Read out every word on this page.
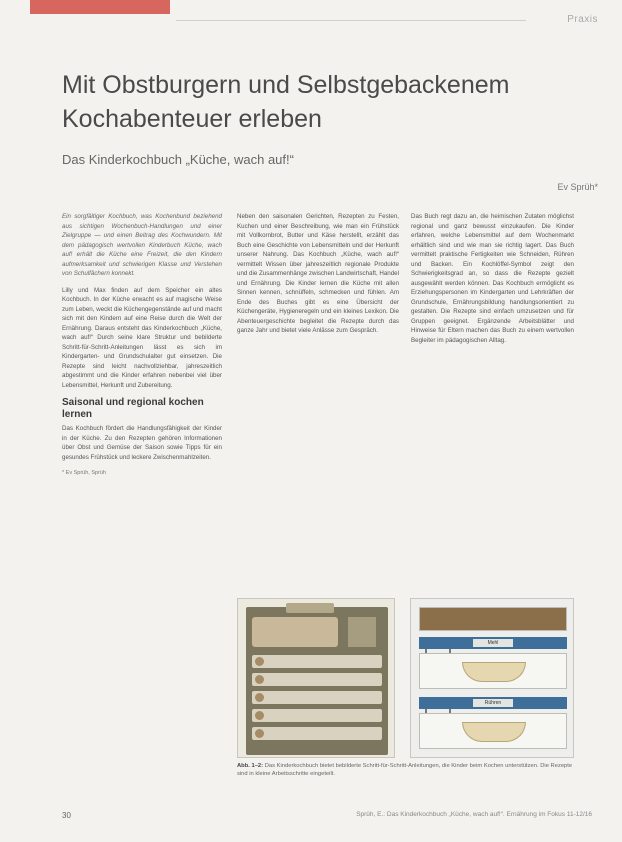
Praxis
Mit Obstburgern und Selbstgebackenem
Kochabenteuer erleben
Das Kinderkochbuch „Küche, wach auf!“
Ev Sprüh*

Ein sorgfältiger Kochbuch, was Kochenbund beziehend aus sichtigen Wochenbuch-Handlungen und einer Zielgruppe — und einen Beitrag des Kochwundern. Mit dem pädagogisch wertvollen Kinderbuch Küche, wach auf! erhält die Küche eine Freizeit, die den Kindern aufmerksamkeit und schwierigen Klasse und Verstehen von Schulfächern konnekt.

Lilly und Max finden auf dem Speicher ein altes Kochbuch. In der Küche erwacht es auf magische Weise zum Leben, weckt die Küchengegenstände auf und macht sich mit den Kindern auf eine Reise durch die Welt der Ernährung. Daraus entsteht das Kinderkochbuch „Küche, wach auf!“ Durch seine klare Struktur und bebilderte Schritt-für-Schritt-Anleitungen lässt es sich im Kindergarten- und Grundschulalter gut einsetzen. Die Rezepte sind leicht nachvollziehbar, jahreszeitlich abgestimmt und die Kinder erfahren nebenbei viel über Lebensmittel, Herkunft und Zubereitung.

Saisonal und regional kochen lernen

Das Kochbuch fördert die Handlungsfähigkeit der Kinder in der Küche. Zu den Rezepten gehören Informationen über Obst und Gemüse der Saison sowie Tipps für ein gesundes Frühstück und leckere Zwischenmahlzeiten.

* Ev Sprüh, Sprüh

Neben den saisonalen Gerichten, Rezepten zu Festen, Kuchen und einer Beschreibung, wie man ein Frühstück mit Vollkornbrot, Butter und Käse herstellt, erzählt das Buch eine Geschichte von Lebensmitteln und der Herkunft unserer Nahrung. Das Kochbuch „Küche, wach auf!“ vermittelt Wissen über jahreszeitlich regionale Produkte und die Zusammenhänge zwischen Landwirtschaft, Handel und Ernährung. Die Kinder lernen die Küche mit allen Sinnen kennen, schnüffeln, schmecken und fühlen. Am Ende des Buches gibt es eine Übersicht der Küchengeräte, Hygieneregeln und ein kleines Lexikon. Die Abenteuergeschichte begleitet die Rezepte durch das ganze Jahr und bietet viele Anlässe zum Gespräch.

Das Buch regt dazu an, die heimischen Zutaten möglichst regional und ganz bewusst einzukaufen. Die Kinder erfahren, welche Lebensmittel auf dem Wochenmarkt erhältlich sind und wie man sie richtig lagert. Das Buch vermittelt praktische Fertigkeiten wie Schneiden, Rühren und Backen. Ein Kochlöffel-Symbol zeigt den Schwierigkeitsgrad an, so dass die Rezepte gezielt ausgewählt werden können. Das Kochbuch ermöglicht es Erziehungspersonen im Kindergarten und Lehrkräften der Grundschule, Ernährungsbildung handlungsorientiert zu gestalten. Die Rezepte sind einfach umzusetzen und für Gruppen geeignet. Ergänzende Arbeitsblätter und Hinweise für Eltern machen das Buch zu einem wertvollen Begleiter im pädagogischen Alltag.

Mehl
Rühren
Abb. 1–2: Das Kinderkochbuch bietet bebilderte Schritt-für-Schritt-Anleitungen, die Kinder beim Kochen unterstützen. Die Rezepte sind in kleine Arbeitsschritte eingeteilt.
30	Sprüh, E.: Das Kinderkochbuch „Küche, wach auf!“. Ernährung im Fokus 11-12/16
